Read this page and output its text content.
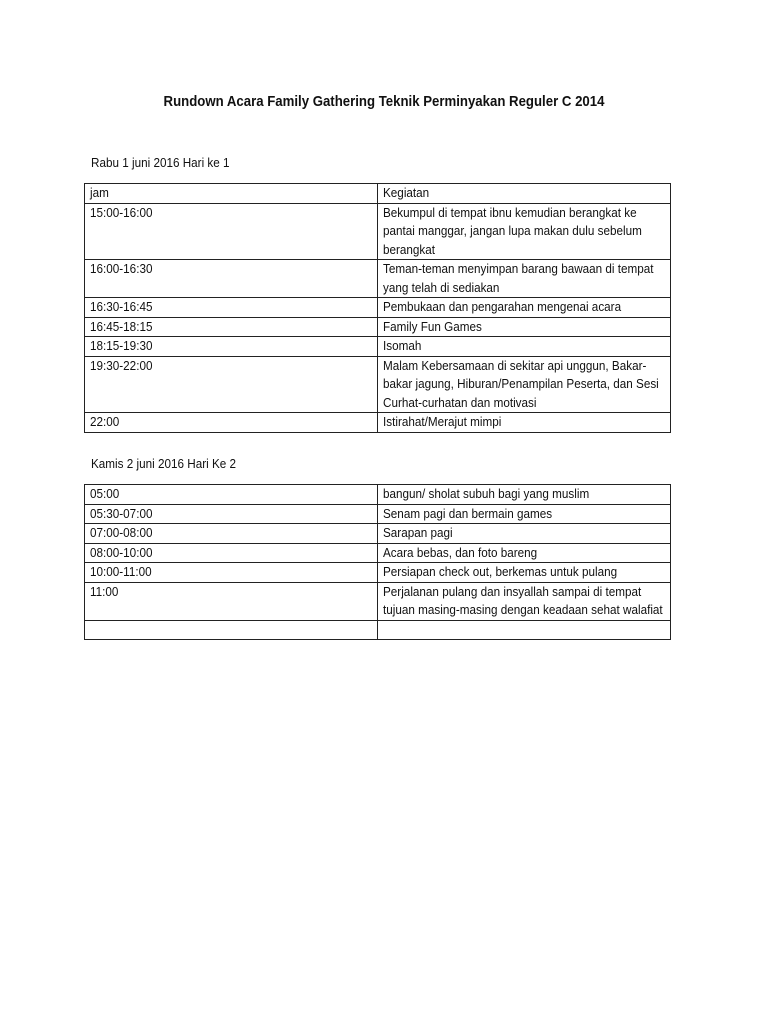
Rundown Acara Family Gathering Teknik Perminyakan Reguler C 2014
Rabu 1 juni 2016 Hari ke 1
jam	Kegiatan

15:00-16:00	Bekumpul di tempat ibnu kemudian berangkat ke pantai manggar, jangan lupa makan dulu sebelum berangkat

16:00-16:30	Teman-teman menyimpan barang bawaan di tempat yang telah di sediakan

16:30-16:45	Pembukaan dan pengarahan mengenai acara

16:45-18:15	Family Fun Games

18:15-19:30	Isomah

19:30-22:00	Malam Kebersamaan di sekitar api unggun, Bakar-bakar jagung, Hiburan/Penampilan Peserta, dan Sesi Curhat-curhatan dan motivasi

22:00	Istirahat/Merajut mimpi
Kamis 2 juni 2016 Hari Ke 2
05:00	bangun/ sholat subuh bagi yang muslim

05:30-07:00	Senam pagi dan bermain games

07:00-08:00	Sarapan pagi

08:00-10:00	Acara bebas, dan foto bareng

10:00-11:00	Persiapan check out, berkemas untuk pulang

11:00	Perjalanan pulang dan insyallah sampai di tempat tujuan masing-masing dengan keadaan sehat walafiat
